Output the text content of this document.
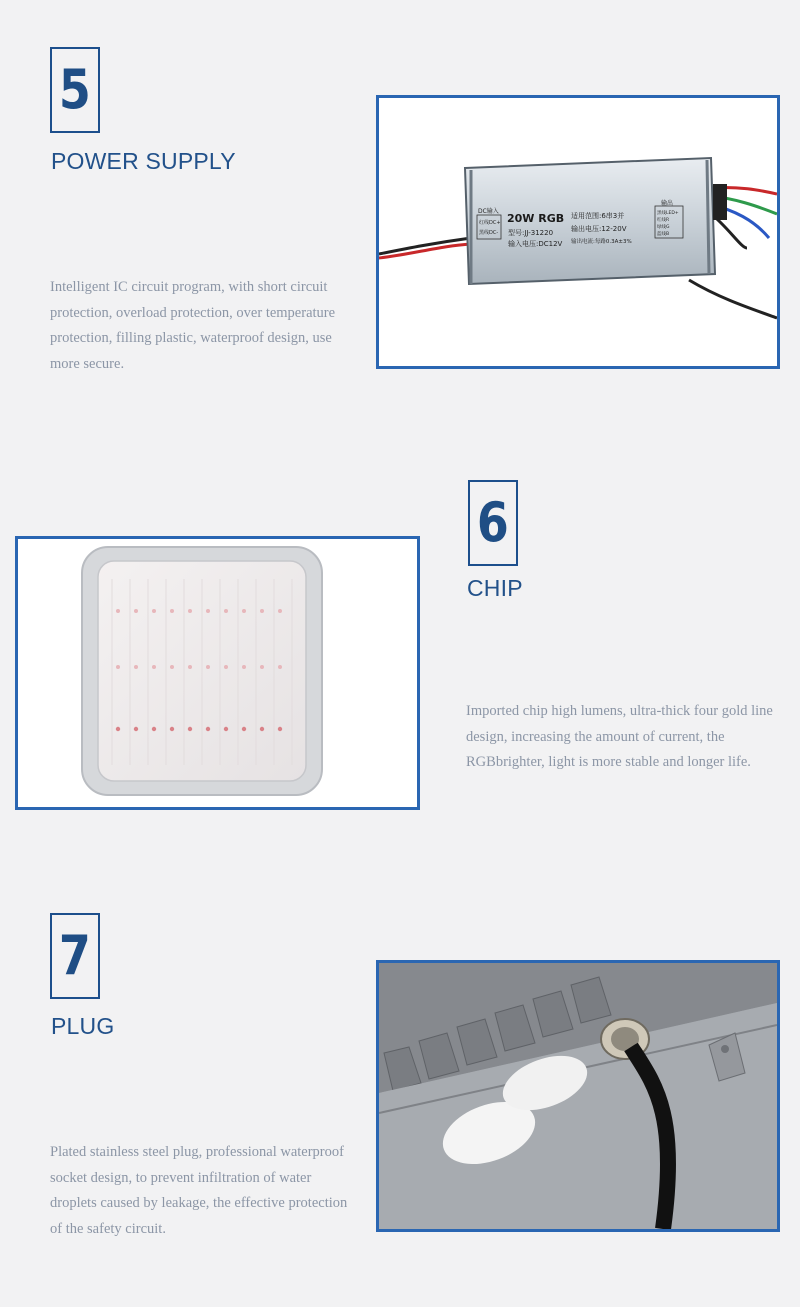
5
POWER SUPPLY
Intelligent IC circuit program, with short circuit protection, overload protection, over temperature protection, filling plastic, waterproof design, use more secure.
DC输入
红线DC+
黑线DC-
20W RGB
型号:JJ-31220
输入电压:DC12V
适用范围:6串3并
输出电压:12-20V
输出电流:每路0.3A±3%
输出
黑线LED+
红线R
绿线G
蓝线B
6
CHIP
Imported chip high lumens, ultra-thick four gold line design, increasing the amount of current, the RGBbrighter, light is more stable and longer life.
7
PLUG
Plated stainless steel plug, professional waterproof socket design, to prevent infiltration of water droplets caused by leakage, the effective protection of the safety circuit.
